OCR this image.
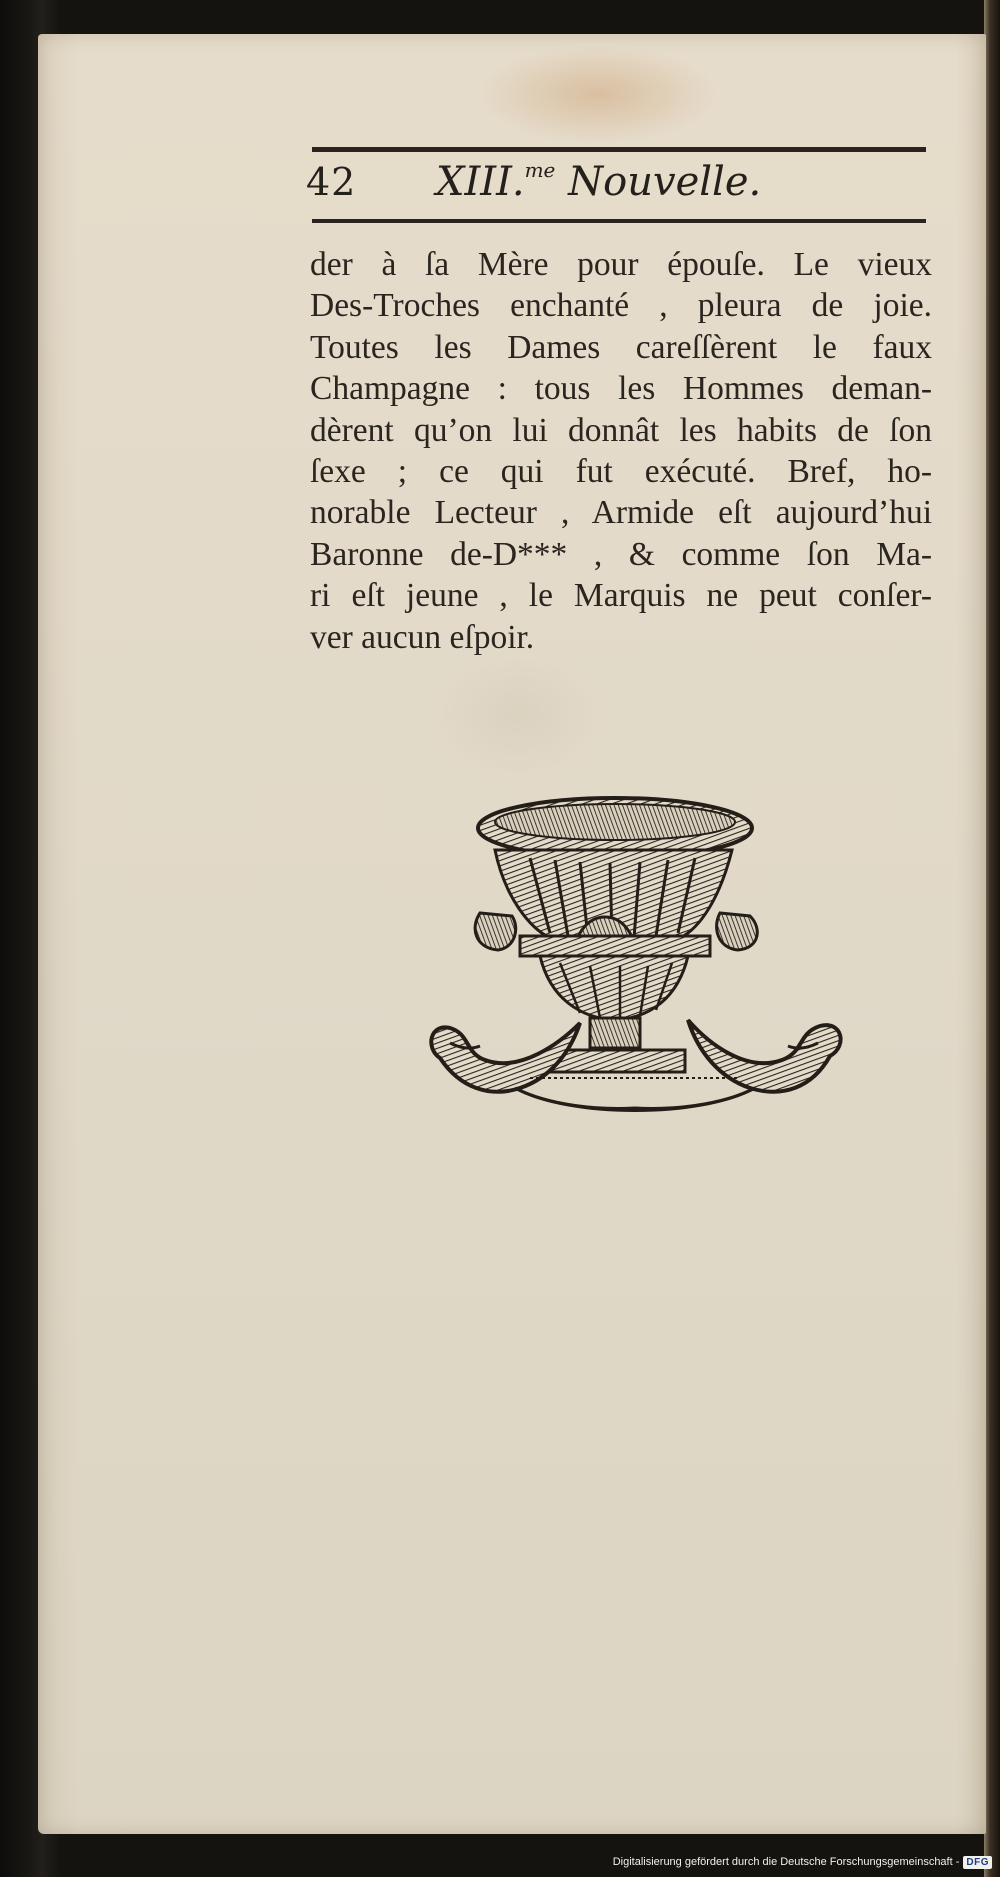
42 XIII.$^{me}$ Nouvelle.
der à ſa Mère pour épouſe. Le vieux
Des-Troches enchanté , pleura de joie.
Toutes les Dames careſſèrent le faux
Champagne : tous les Hommes deman-
dèrent qu’on lui donnât les habits de ſon
ſexe ; ce qui fut exécuté. Bref, ho-
norable Lecteur , Armide eſt aujourd’hui
Baronne de-D*** , & comme ſon Ma-
ri eſt jeune , le Marquis ne peut conſer-
ver aucun eſpoir.
Digitalisierung gefördert durch die Deutsche Forschungsgemeinschaft - DFG
